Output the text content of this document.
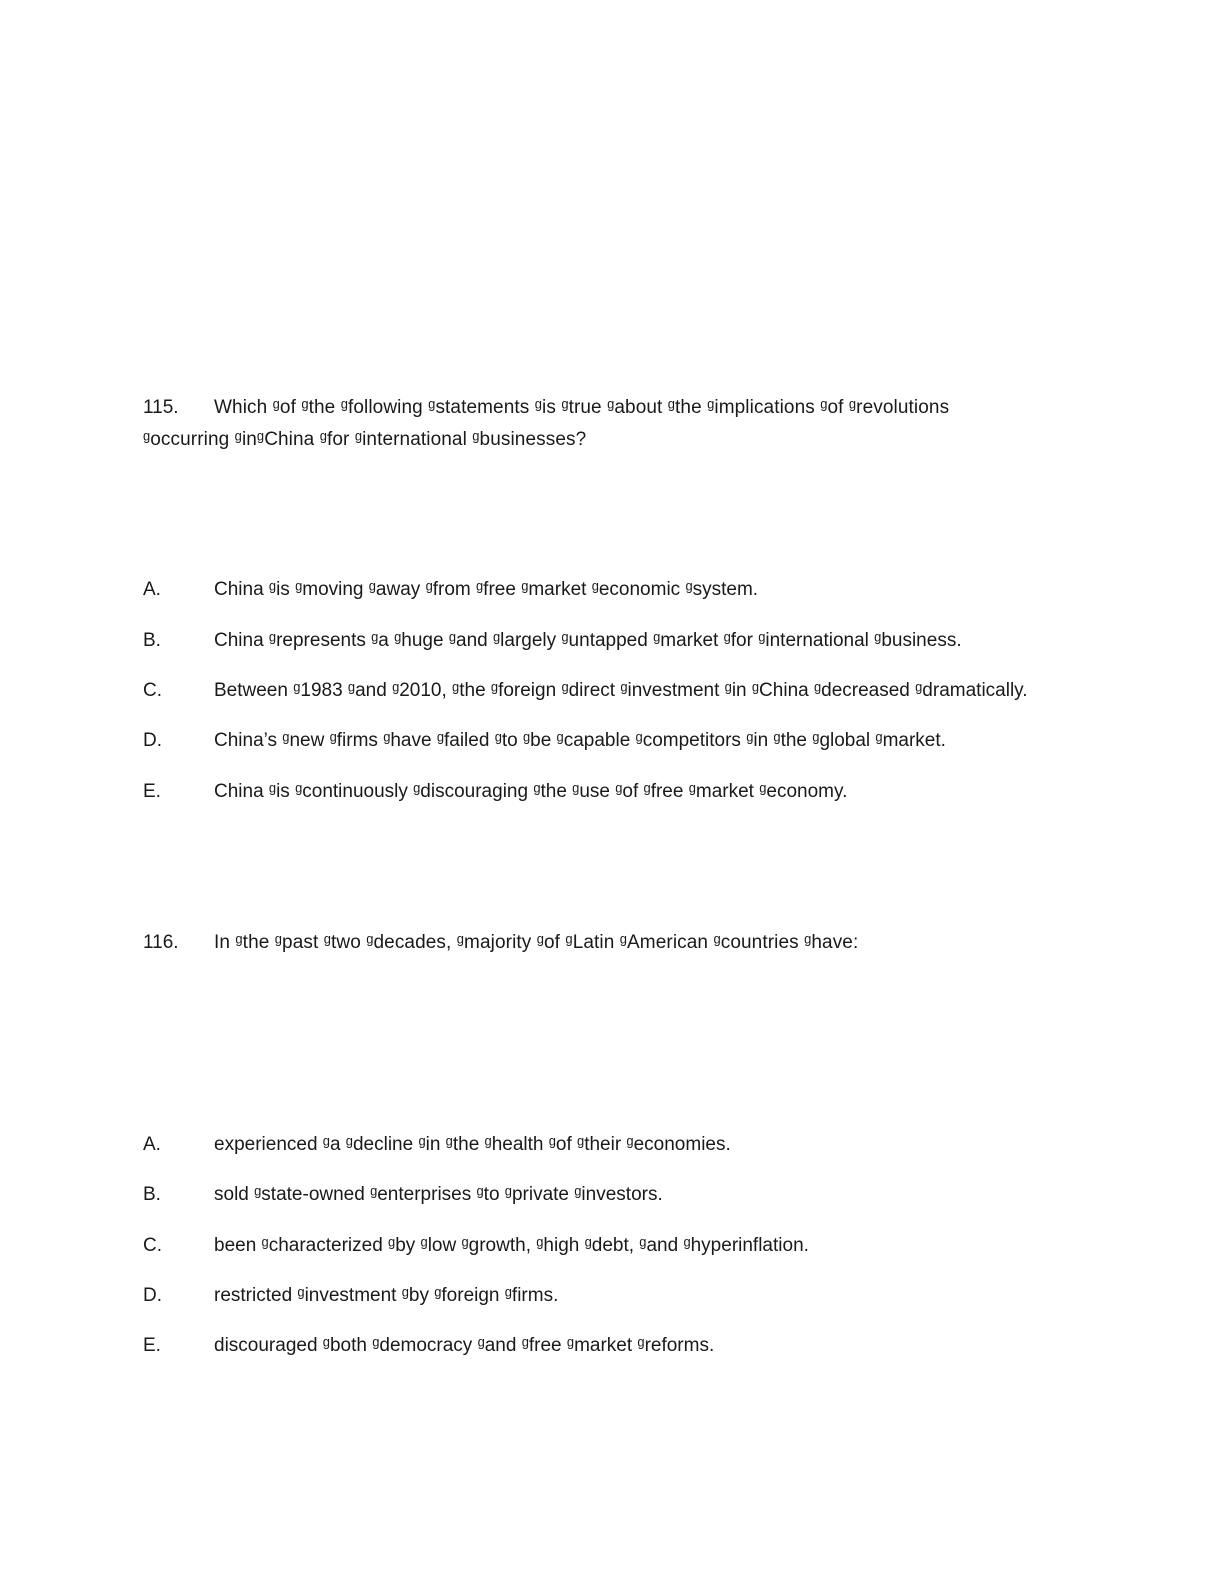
115. Which ᵍof ᵍthe ᵍfollowing ᵍstatements ᵍis ᵍtrue ᵍabout ᵍthe ᵍimplications ᵍof ᵍrevolutions
ᵍoccurring ᵍinᵍChina ᵍfor ᵍinternational ᵍbusinesses?
A.	China ᵍis ᵍmoving ᵍaway ᵍfrom ᵍfree ᵍmarket ᵍeconomic ᵍsystem.
B.	China ᵍrepresents ᵍa ᵍhuge ᵍand ᵍlargely ᵍuntapped ᵍmarket ᵍfor ᵍinternational ᵍbusiness.
C.	Between ᵍ1983 ᵍand ᵍ2010, ᵍthe ᵍforeign ᵍdirect ᵍinvestment ᵍin ᵍChina ᵍdecreased ᵍdramatically.
D.	China’s ᵍnew ᵍfirms ᵍhave ᵍfailed ᵍto ᵍbe ᵍcapable ᵍcompetitors ᵍin ᵍthe ᵍglobal ᵍmarket.
E.	China ᵍis ᵍcontinuously ᵍdiscouraging ᵍthe ᵍuse ᵍof ᵍfree ᵍmarket ᵍeconomy.
116. In ᵍthe ᵍpast ᵍtwo ᵍdecades, ᵍmajority ᵍof ᵍLatin ᵍAmerican ᵍcountries ᵍhave:
A.	experienced ᵍa ᵍdecline ᵍin ᵍthe ᵍhealth ᵍof ᵍtheir ᵍeconomies.
B.	sold ᵍstate-owned ᵍenterprises ᵍto ᵍprivate ᵍinvestors.
C.	been ᵍcharacterized ᵍby ᵍlow ᵍgrowth, ᵍhigh ᵍdebt, ᵍand ᵍhyperinflation.
D.	restricted ᵍinvestment ᵍby ᵍforeign ᵍfirms.
E.	discouraged ᵍboth ᵍdemocracy ᵍand ᵍfree ᵍmarket ᵍreforms.
